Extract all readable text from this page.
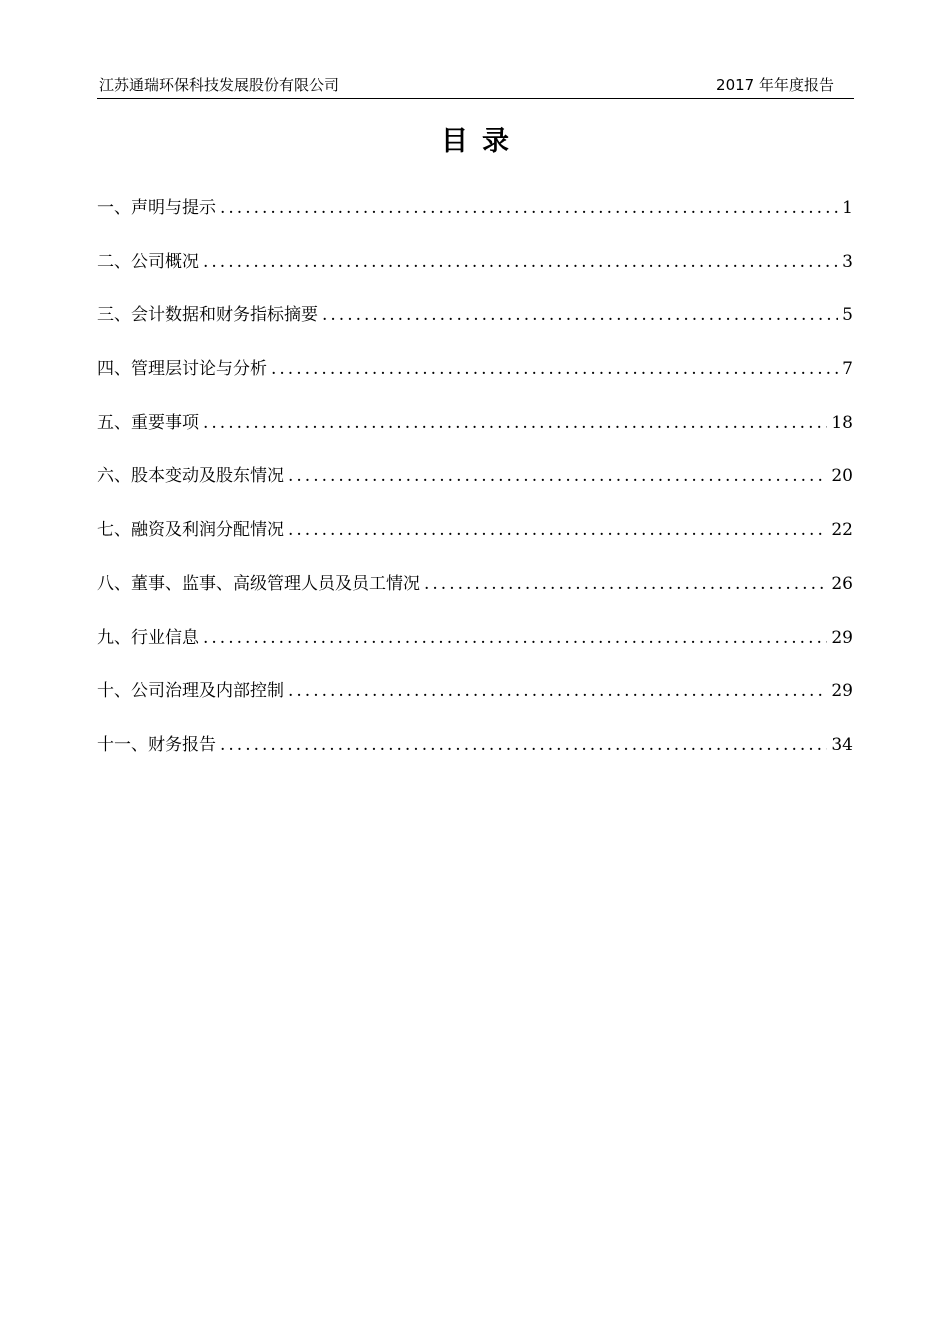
江苏通瑞环保科技发展股份有限公司	2017 年年度报告
目录
一、声明与提示 .....	1
二、公司概况 .....	3
三、会计数据和财务指标摘要 .....	5
四、管理层讨论与分析 .....	7
五、重要事项 .....	18
六、股本变动及股东情况 .....	20
七、融资及利润分配情况 .....	22
八、董事、监事、高级管理人员及员工情况 .....	26
九、行业信息 .....	29
十、公司治理及内部控制 .....	29
十一、财务报告 .....	34
